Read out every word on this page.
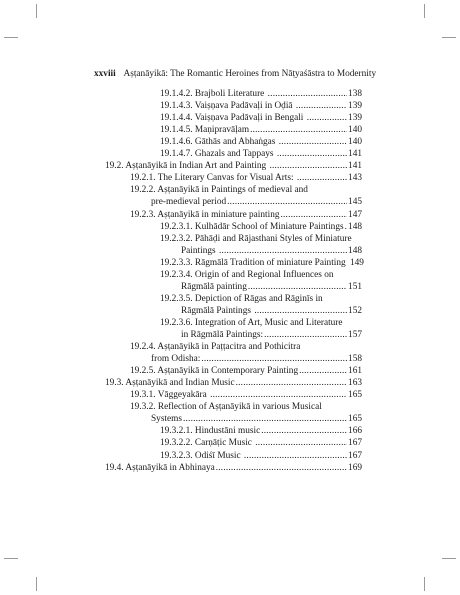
xxviii Aṣṭanāyikā: The Romantic Heroines from Nāṭyaśāstra to Modernity
19.1.4.2. Brajboli Literature .....	138
19.1.4.3. Vaiṣṇava Padāvaḷi in Oḍiā .....	139
19.1.4.4. Vaiṣṇava Padāvaḷi in Bengali .....	139
19.1.4.5. Maṇipravāḷam .....	140
19.1.4.6. Gāthās and Abhaṅgas .....	140
19.1.4.7. Ghazals and Tappays .....	141
19.2. Aṣṭanāyikā in Indian Art and Painting .....	141
19.2.1. The Literary Canvas for Visual Arts: .....	143
19.2.2. Aṣṭanāyikā in Paintings of medieval and
pre-medieval period .....	145
19.2.3. Aṣṭanāyikā in miniature painting .....	147
19.2.3.1. Kulhādār School of Miniature Paintings ..... 148
19.2.3.2. Pāhāḍi and Rājasthani Styles of Miniature
Paintings .....	148
19.2.3.3. Rāgmālā Tradition of miniature Painting 149
19.2.3.4. Origin of and Regional Influences on
Rāgmālā painting .....	151
19.2.3.5. Depiction of Rāgas and Rāginīs in
Rāgmālā Paintings .....	152
19.2.3.6. Integration of Art, Music and Literature
in Rāgmālā Paintings: .....	157
19.2.4. Aṣṭanāyikā in Paṭṭacitra and Pothicitra
from Odisha: .....	158
19.2.5. Aṣṭanāyikā in Contemporary Painting .....	161
19.3. Aṣṭanāyikā and Indian Music .....	163
19.3.1. Vāggeyakāra .....	165
19.3.2. Reflection of Aṣṭanāyikā in various Musical
Systems .....	165
19.3.2.1. Hindustāni music .....	166
19.3.2.2. Carṇāṭic Music .....	167
19.3.2.3. Odiśī Music .....	167
19.4. Aṣṭanāyikā in Abhinaya .....	169
